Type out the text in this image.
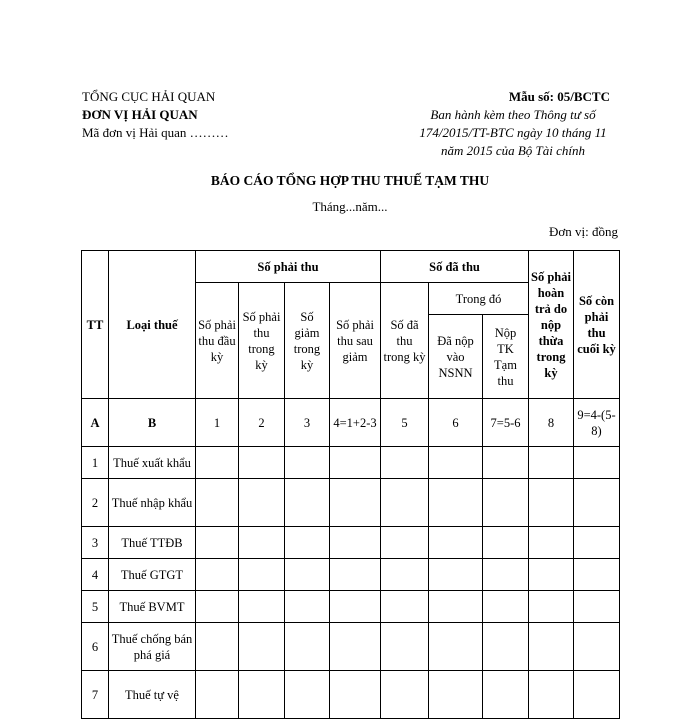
TỔNG CỤC HẢI QUAN
ĐƠN VỊ HẢI QUAN
Mã đơn vị Hải quan ………
Mẫu số: 05/BCTC
Ban hành kèm theo Thông tư số
174/2015/TT-BTC ngày 10 tháng 11
năm 2015 của Bộ Tài chính
BÁO CÁO TỔNG HỢP THU THUẾ TẠM THU
Tháng...năm...
Đơn vị: đồng
TT	Loại thuế	Số phải thu				Số đã thu			Số phải hoàn trả do nộp thừa trong kỳ	Số còn phải thu cuối kỳ
		Số phải thu đầu kỳ	Số phải thu trong kỳ	Số giảm trong kỳ	Số phải thu sau giảm	Số đã thu trong kỳ	Trong đó			
							Đã nộp vào NSNN	Nộp TK Tạm thu		
A	B	1	2	3	4=1+2-3	5	6	7=5-6	8	9=4-(5-8)
1	Thuế xuất khẩu									
2	Thuế nhập khẩu									
3	Thuế TTĐB									
4	Thuế GTGT									
5	Thuế BVMT									
6	Thuế chống bán phá giá									
7	Thuế tự vệ									
